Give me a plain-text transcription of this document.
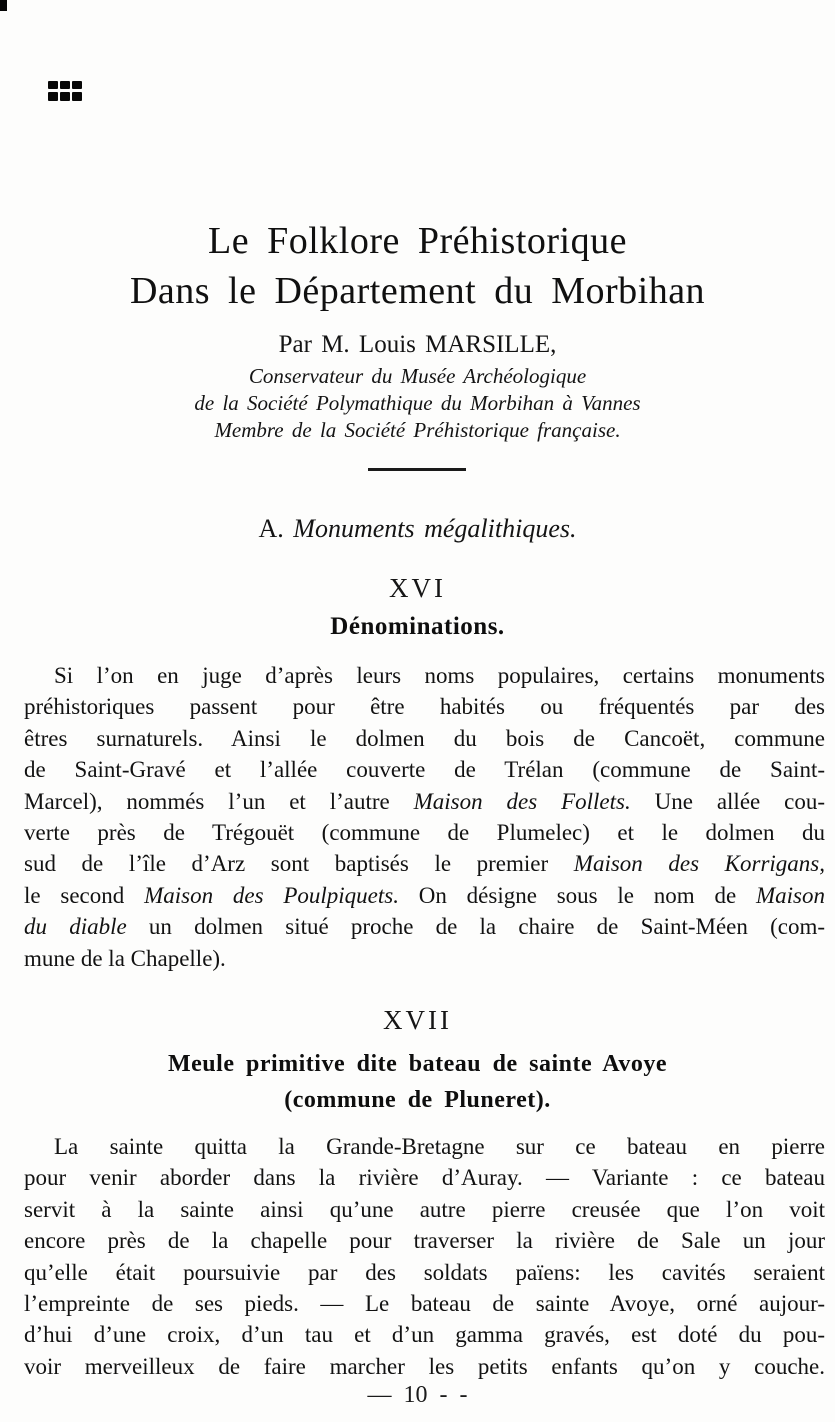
Le Folklore Préhistorique
Dans le Département du Morbihan
Par M. Louis MARSILLE,
Conservateur du Musée Archéologique
de la Société Polymathique du Morbihan à Vannes
Membre de la Société Préhistorique française.
A. Monuments mégalithiques.
XVI
Dénominations.
Si l’on en juge d’après leurs noms populaires, certains monuments
préhistoriques passent pour être habités ou fréquentés par des
êtres surnaturels. Ainsi le dolmen du bois de Cancoët, commune
de Saint-Gravé et l’allée couverte de Trélan (commune de Saint-
Marcel), nommés l’un et l’autre Maison des Follets. Une allée cou-
verte près de Trégouët (commune de Plumelec) et le dolmen du
sud de l’île d’Arz sont baptisés le premier Maison des Korrigans,
le second Maison des Poulpiquets. On désigne sous le nom de Maison
du diable un dolmen situé proche de la chaire de Saint-Méen (com-
mune de la Chapelle).
XVII
Meule primitive dite bateau de sainte Avoye
(commune de Pluneret).
La sainte quitta la Grande-Bretagne sur ce bateau en pierre
pour venir aborder dans la rivière d’Auray. — Variante : ce bateau
servit à la sainte ainsi qu’une autre pierre creusée que l’on voit
encore près de la chapelle pour traverser la rivière de Sale un jour
qu’elle était poursuivie par des soldats païens: les cavités seraient
l’empreinte de ses pieds. — Le bateau de sainte Avoye, orné aujour-
d’hui d’une croix, d’un tau et d’un gamma gravés, est doté du pou-
voir merveilleux de faire marcher les petits enfants qu’on y couche.
— 10 - -
